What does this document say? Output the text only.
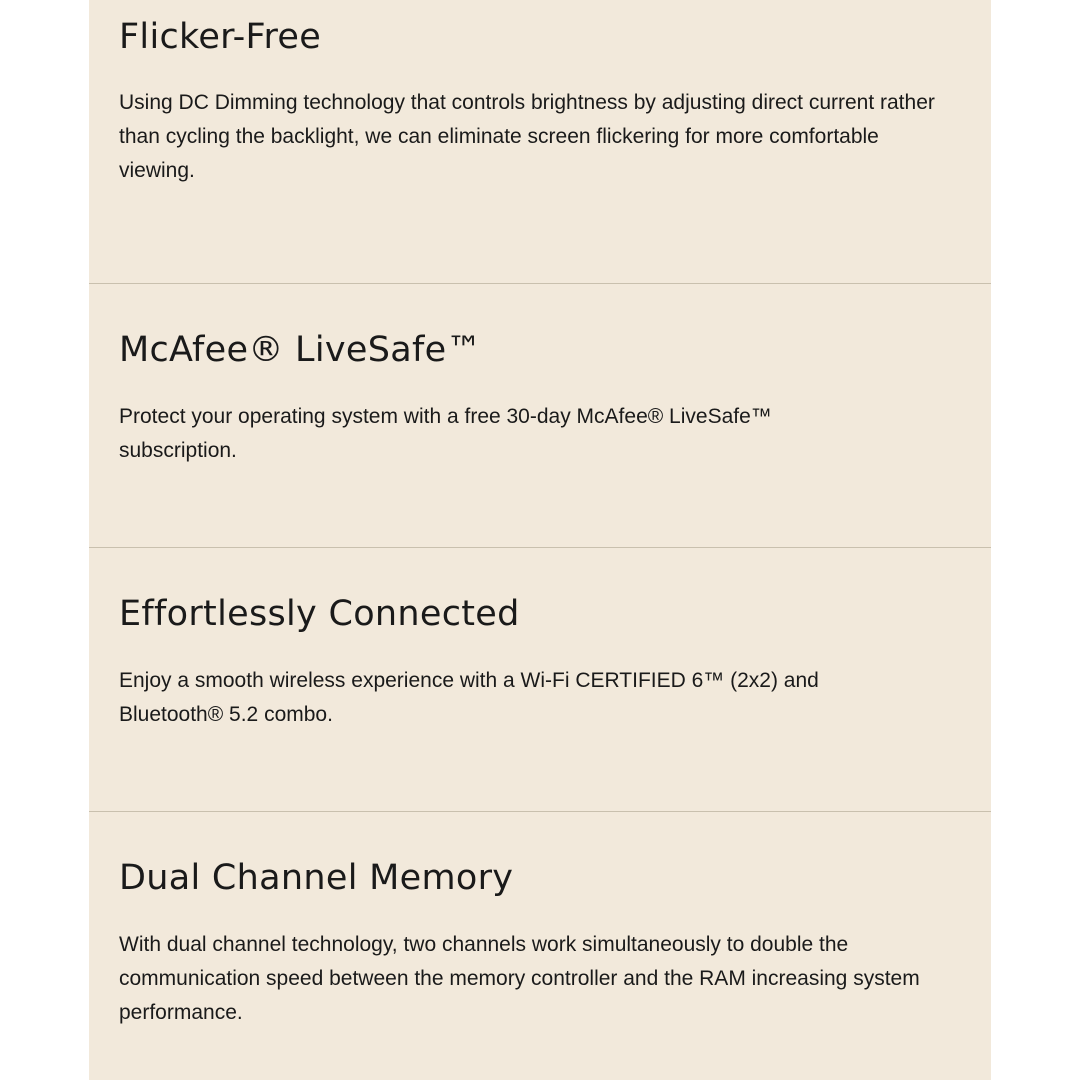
Flicker-Free

Using DC Dimming technology that controls brightness by adjusting direct current rather than cycling the backlight, we can eliminate screen flickering for more comfortable viewing.

McAfee® LiveSafe™

Protect your operating system with a free 30-day McAfee® LiveSafe™ subscription.

Effortlessly Connected

Enjoy a smooth wireless experience with a Wi-Fi CERTIFIED 6™ (2x2) and Bluetooth® 5.2 combo.

Dual Channel Memory

With dual channel technology, two channels work simultaneously to double the communication speed between the memory controller and the RAM increasing system performance.
